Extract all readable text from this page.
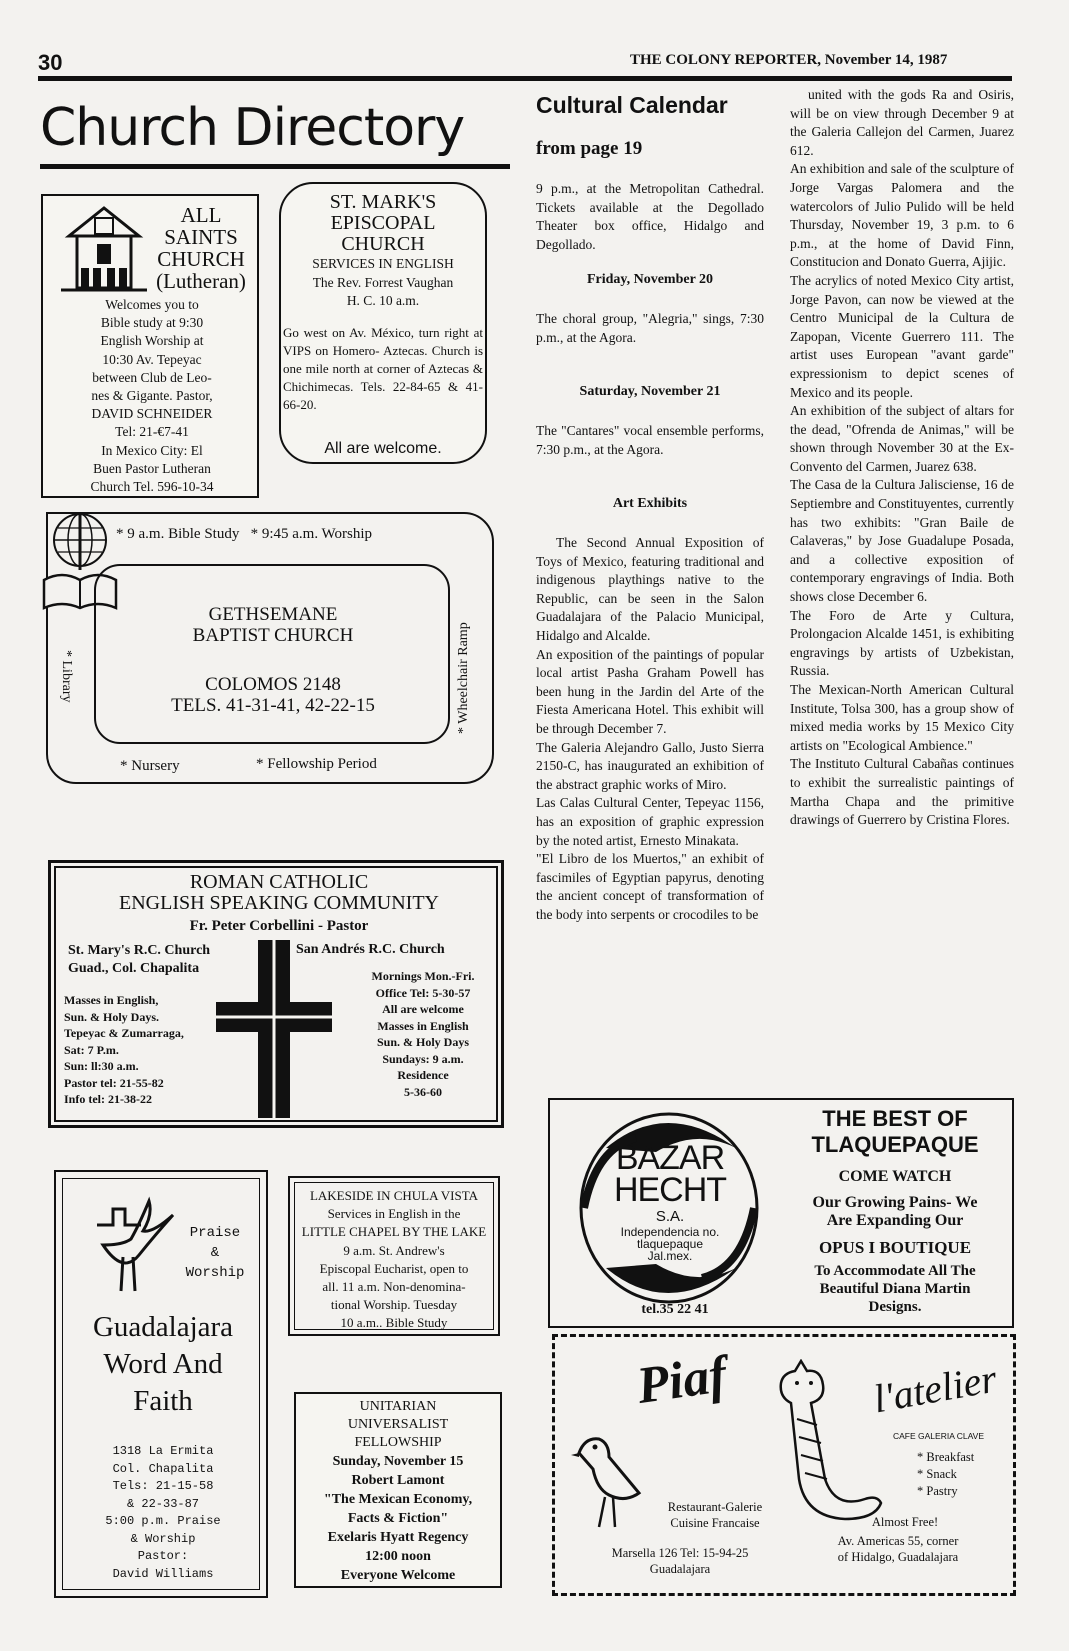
30	THE COLONY REPORTER, November 14, 1987
Church Directory
ALL
SAINTS
CHURCH
(Lutheran)
Welcomes you to
Bible study at 9:30
English Worship at
10:30 Av. Tepeyac
between Club de Leo-
nes & Gigante. Pastor,
DAVID SCHNEIDER
Tel: 21-€7-41
In Mexico City: El
Buen Pastor Lutheran
Church Tel. 596-10-34
ST. MARK'S
EPISCOPAL
CHURCH
SERVICES IN ENGLISH
The Rev. Forrest Vaughan
H. C. 10 a.m.
Go west on Av. México, turn right at VIPS on Homero- Aztecas. Church is one mile north at corner of Aztecas & Chichimecas. Tels. 22-84-65 & 41-66-20.
All are welcome.
* 9 a.m. Bible Study   * 9:45 a.m. Worship
GETHSEMANE
BAPTIST CHURCH
COLOMOS 2148
TELS. 41-31-41, 42-22-15
* Library	* Wheelchair Ramp
* Nursery	* Fellowship Period
ROMAN CATHOLIC
ENGLISH SPEAKING COMMUNITY
Fr. Peter Corbellini - Pastor
St. Mary's R.C. Church
Guad., Col. Chapalita
San Andrés R.C. Church
Masses in English,
Sun. & Holy Days.
Tepeyac & Zumarraga,
Sat: 7 P.m.
Sun: ll:30 a.m.
Pastor tel: 21-55-82
Info tel: 21-38-22
Mornings Mon.-Fri.
Office Tel: 5-30-57
All are welcome
Masses in English
Sun. & Holy Days
Sundays: 9 a.m.
Residence
5-36-60
Praise
&
Worship
Guadalajara
Word And
Faith
1318 La Ermita
Col. Chapalita
Tels: 21-15-58
& 22-33-87
5:00 p.m. Praise
& Worship
Pastor:
David Williams
LAKESIDE IN CHULA VISTA
Services in English in the
LITTLE CHAPEL BY THE LAKE
9 a.m. St. Andrew's
Episcopal Eucharist, open to
all. 11 a.m. Non-denomina-
tional Worship. Tuesday
10 a.m.. Bible Study
UNITARIAN
UNIVERSALIST
FELLOWSHIP
Sunday, November 15
Robert Lamont
"The Mexican Economy,
Facts & Fiction"
Exelaris Hyatt Regency
12:00 noon
Everyone Welcome
Cultural Calendar
from page 19
9 p.m., at the Metropolitan Cathedral. Tickets available at the Degollado Theater box office, Hidalgo and Degollado.
Friday, November 20
The choral group, "Alegria," sings, 7:30 p.m., at the Agora.
Saturday, November 21
The "Cantares" vocal ensemble performs, 7:30 p.m., at the Agora.
Art Exhibits
The Second Annual Exposition of Toys of Mexico, featuring traditional and indigenous playthings native to the Republic, can be seen in the Salon Guadalajara of the Palacio Municipal, Hidalgo and Alcalde.
An exposition of the paintings of popular local artist Pasha Graham Powell has been hung in the Jardin del Arte of the Fiesta Americana Hotel. This exhibit will be through December 7.
The Galeria Alejandro Gallo, Justo Sierra 2150-C, has inaugurated an exhibition of the abstract graphic works of Miro.
Las Calas Cultural Center, Tepeyac 1156, has an exposition of graphic expression by the noted artist, Ernesto Minakata.
"El Libro de los Muertos," an exhibit of fascimiles of Egyptian papyrus, denoting the ancient concept of transformation of the body into serpents or crocodiles to be
united with the gods Ra and Osiris, will be on view through December 9 at the Galeria Callejon del Carmen, Juarez 612.
An exhibition and sale of the sculpture of Jorge Vargas Palomera and the watercolors of Julio Pulido will be held Thursday, November 19, 3 p.m. to 6 p.m., at the home of David Finn, Constitucion and Donato Guerra, Ajijic.
The acrylics of noted Mexico City artist, Jorge Pavon, can now be viewed at the Centro Municipal de la Cultura de Zapopan, Vicente Guerrero 111. The artist uses European "avant garde" expressionism to depict scenes of Mexico and its people.
An exhibition of the subject of altars for the dead, "Ofrenda de Animas," will be shown through November 30 at the Ex-Convento del Carmen, Juarez 638.
The Casa de la Cultura Jalisciense, 16 de Septiembre and Constituyentes, currently has two exhibits: "Gran Baile de Calaveras," by Jose Guadalupe Posada, and a collective exposition of contemporary engravings of India. Both shows close December 6.
The Foro de Arte y Cultura, Prolongacion Alcalde 1451, is exhibiting engravings by artists of Uzbekistan, Russia.
The Mexican-North American Cultural Institute, Tolsa 300, has a group show of mixed media works by 15 Mexico City artists on "Ecological Ambience."
The Instituto Cultural Cabañas continues to exhibit the surrealistic paintings of Martha Chapa and the primitive drawings of Guerrero by Cristina Flores.
BAZAR
HECHT
S.A.
Independencia no.
tlaquepaque
Jal.mex.
tel.35 22 41
THE BEST OF
TLAQUEPAQUE
COME WATCH
Our Growing Pains- We
Are Expanding Our
OPUS I BOUTIQUE
To Accommodate All The
Beautiful Diana Martin
Designs.
Piaf
Restaurant-Galerie
Cuisine Francaise
Marsella 126 Tel: 15-94-25
Guadalajara
l'atelier
CAFE GALERIA CLAVE
* Breakfast
* Snack
* Pastry
Almost Free!
Av. Americas 55, corner
of Hidalgo, Guadalajara
